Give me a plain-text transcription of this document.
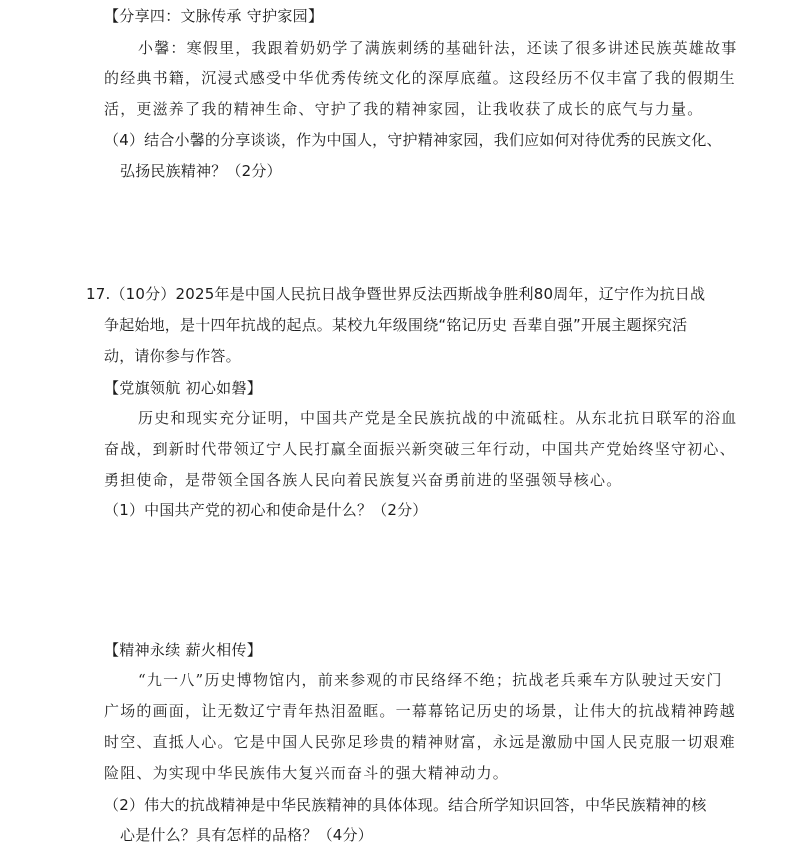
【分享四：文脉传承 守护家园】
小馨：寒假里，我跟着奶奶学了满族刺绣的基础针法，还读了很多讲述民族英雄故事
的经典书籍，沉浸式感受中华优秀传统文化的深厚底蕴。这段经历不仅丰富了我的假期生
活，更滋养了我的精神生命、守护了我的精神家园，让我收获了成长的底气与力量。
（4）结合小馨的分享谈谈，作为中国人，守护精神家园，我们应如何对待优秀的民族文化、
弘扬民族精神？（2分）
17.（10分）2025年是中国人民抗日战争暨世界反法西斯战争胜利80周年，辽宁作为抗日战
争起始地，是十四年抗战的起点。某校九年级围绕“铭记历史 吾辈自强”开展主题探究活
动，请你参与作答。
【党旗领航 初心如磐】
历史和现实充分证明，中国共产党是全民族抗战的中流砥柱。从东北抗日联军的浴血
奋战，到新时代带领辽宁人民打赢全面振兴新突破三年行动，中国共产党始终坚守初心、
勇担使命，是带领全国各族人民向着民族复兴奋勇前进的坚强领导核心。
（1）中国共产党的初心和使命是什么？（2分）
【精神永续 薪火相传】
“九一八”历史博物馆内，前来参观的市民络绎不绝；抗战老兵乘车方队驶过天安门
广场的画面，让无数辽宁青年热泪盈眶。一幕幕铭记历史的场景，让伟大的抗战精神跨越
时空、直抵人心。它是中国人民弥足珍贵的精神财富，永远是激励中国人民克服一切艰难
险阻、为实现中华民族伟大复兴而奋斗的强大精神动力。
（2）伟大的抗战精神是中华民族精神的具体体现。结合所学知识回答，中华民族精神的核
心是什么？具有怎样的品格？（4分）
